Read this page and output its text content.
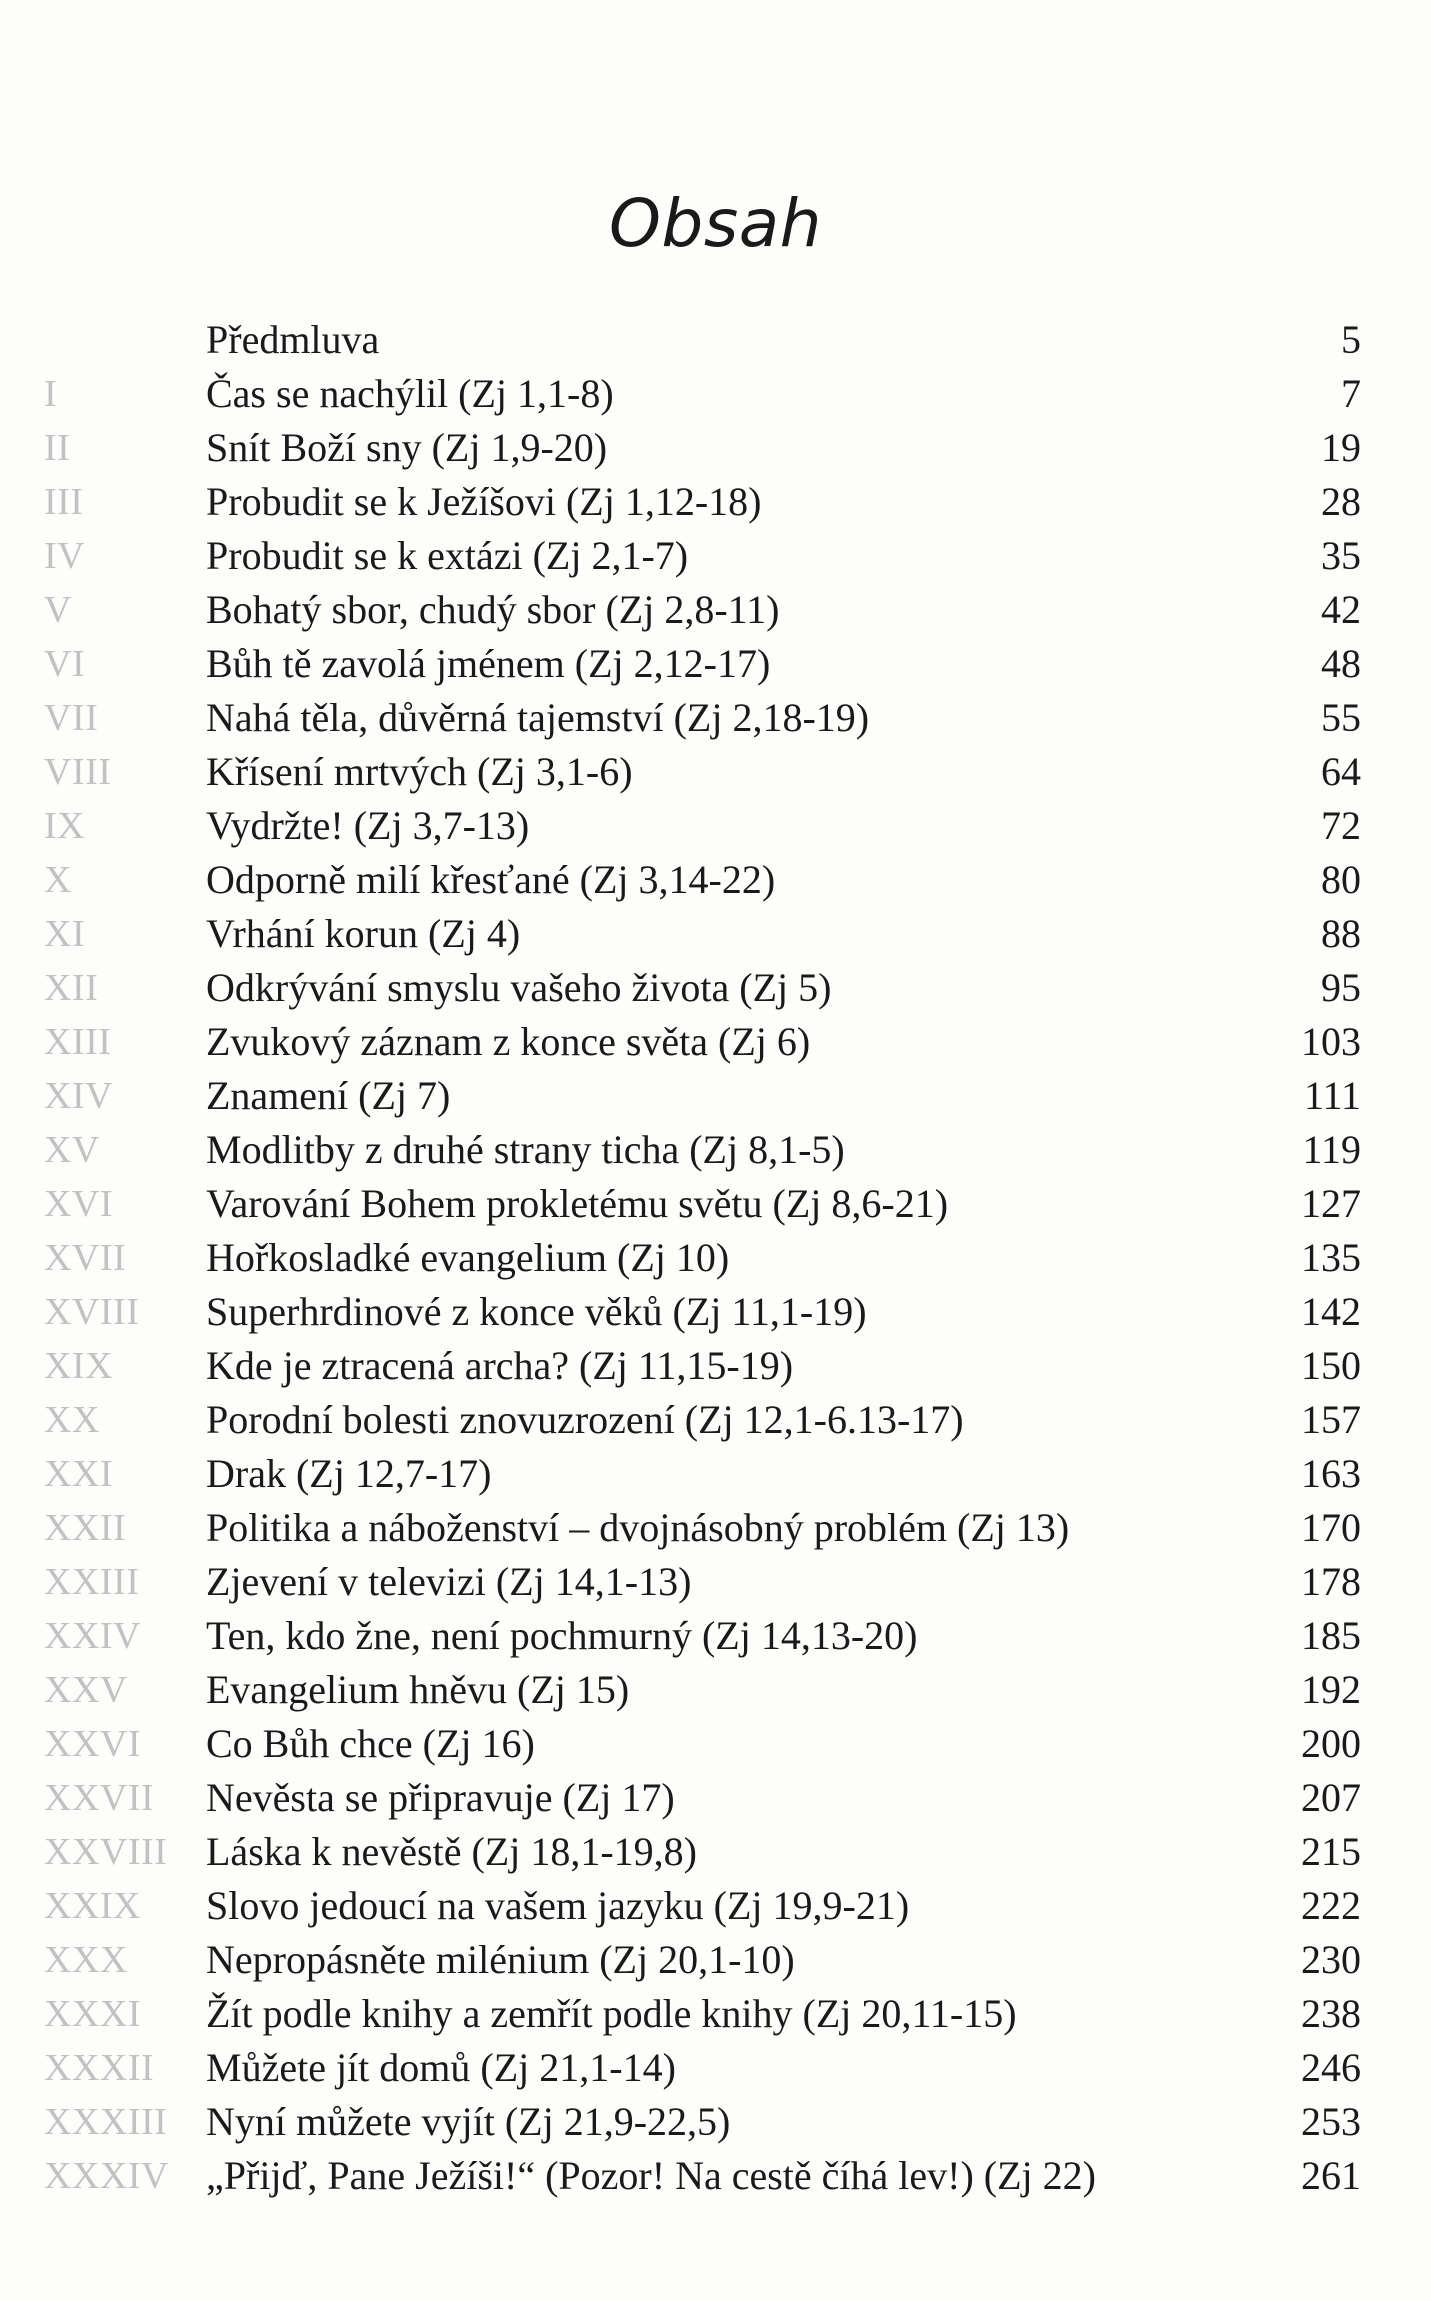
Obsah
Předmluva	5
I	Čas se nachýlil (Zj 1,1-8)	7
II	Snít Boží sny (Zj 1,9-20)	19
III	Probudit se k Ježíšovi (Zj 1,12-18)	28
IV	Probudit se k extázi (Zj 2,1-7)	35
V	Bohatý sbor, chudý sbor (Zj 2,8-11)	42
VI	Bůh tě zavolá jménem (Zj 2,12-17)	48
VII	Nahá těla, důvěrná tajemství (Zj 2,18-19)	55
VIII Křísení mrtvých (Zj 3,1-6)	64
IX	Vydržte! (Zj 3,7-13)	72
X	Odporně milí křesťané (Zj 3,14-22)	80
XI	Vrhání korun (Zj 4)	88
XII	Odkrývání smyslu vašeho života (Zj 5)	95
XIII Zvukový záznam z konce světa (Zj 6)	103
XIV Znamení (Zj 7)	111
XV	Modlitby z druhé strany ticha (Zj 8,1-5)	119
XVI Varování Bohem prokletému světu (Zj 8,6-21)	127
XVII Hořkosladké evangelium (Zj 10)	135
XVIII Superhrdinové z konce věků (Zj 11,1-19)	142
XIX Kde je ztracená archa? (Zj 11,15-19)	150
XX	Porodní bolesti znovuzrození (Zj 12,1-6.13-17)	157
XXI Drak (Zj 12,7-17)	163
XXII Politika a náboženství – dvojnásobný problém (Zj 13)	170
XXIII Zjevení v televizi (Zj 14,1-13)	178
XXIV Ten, kdo žne, není pochmurný (Zj 14,13-20)	185
XXV Evangelium hněvu (Zj 15)	192
XXVI Co Bůh chce (Zj 16)	200
XXVII Nevěsta se připravuje (Zj 17)	207
XXVIII Láska k nevěstě (Zj 18,1-19,8)	215
XXIX Slovo jedoucí na vašem jazyku (Zj 19,9-21)	222
XXX Nepropásněte milénium (Zj 20,1-10)	230
XXXI Žít podle knihy a zemřít podle knihy (Zj 20,11-15)	238
XXXII Můžete jít domů (Zj 21,1-14)	246
XXXIII Nyní můžete vyjít (Zj 21,9-22,5)	253
XXXIV „Přijď, Pane Ježíši!“ (Pozor! Na cestě číhá lev!) (Zj 22)	261
